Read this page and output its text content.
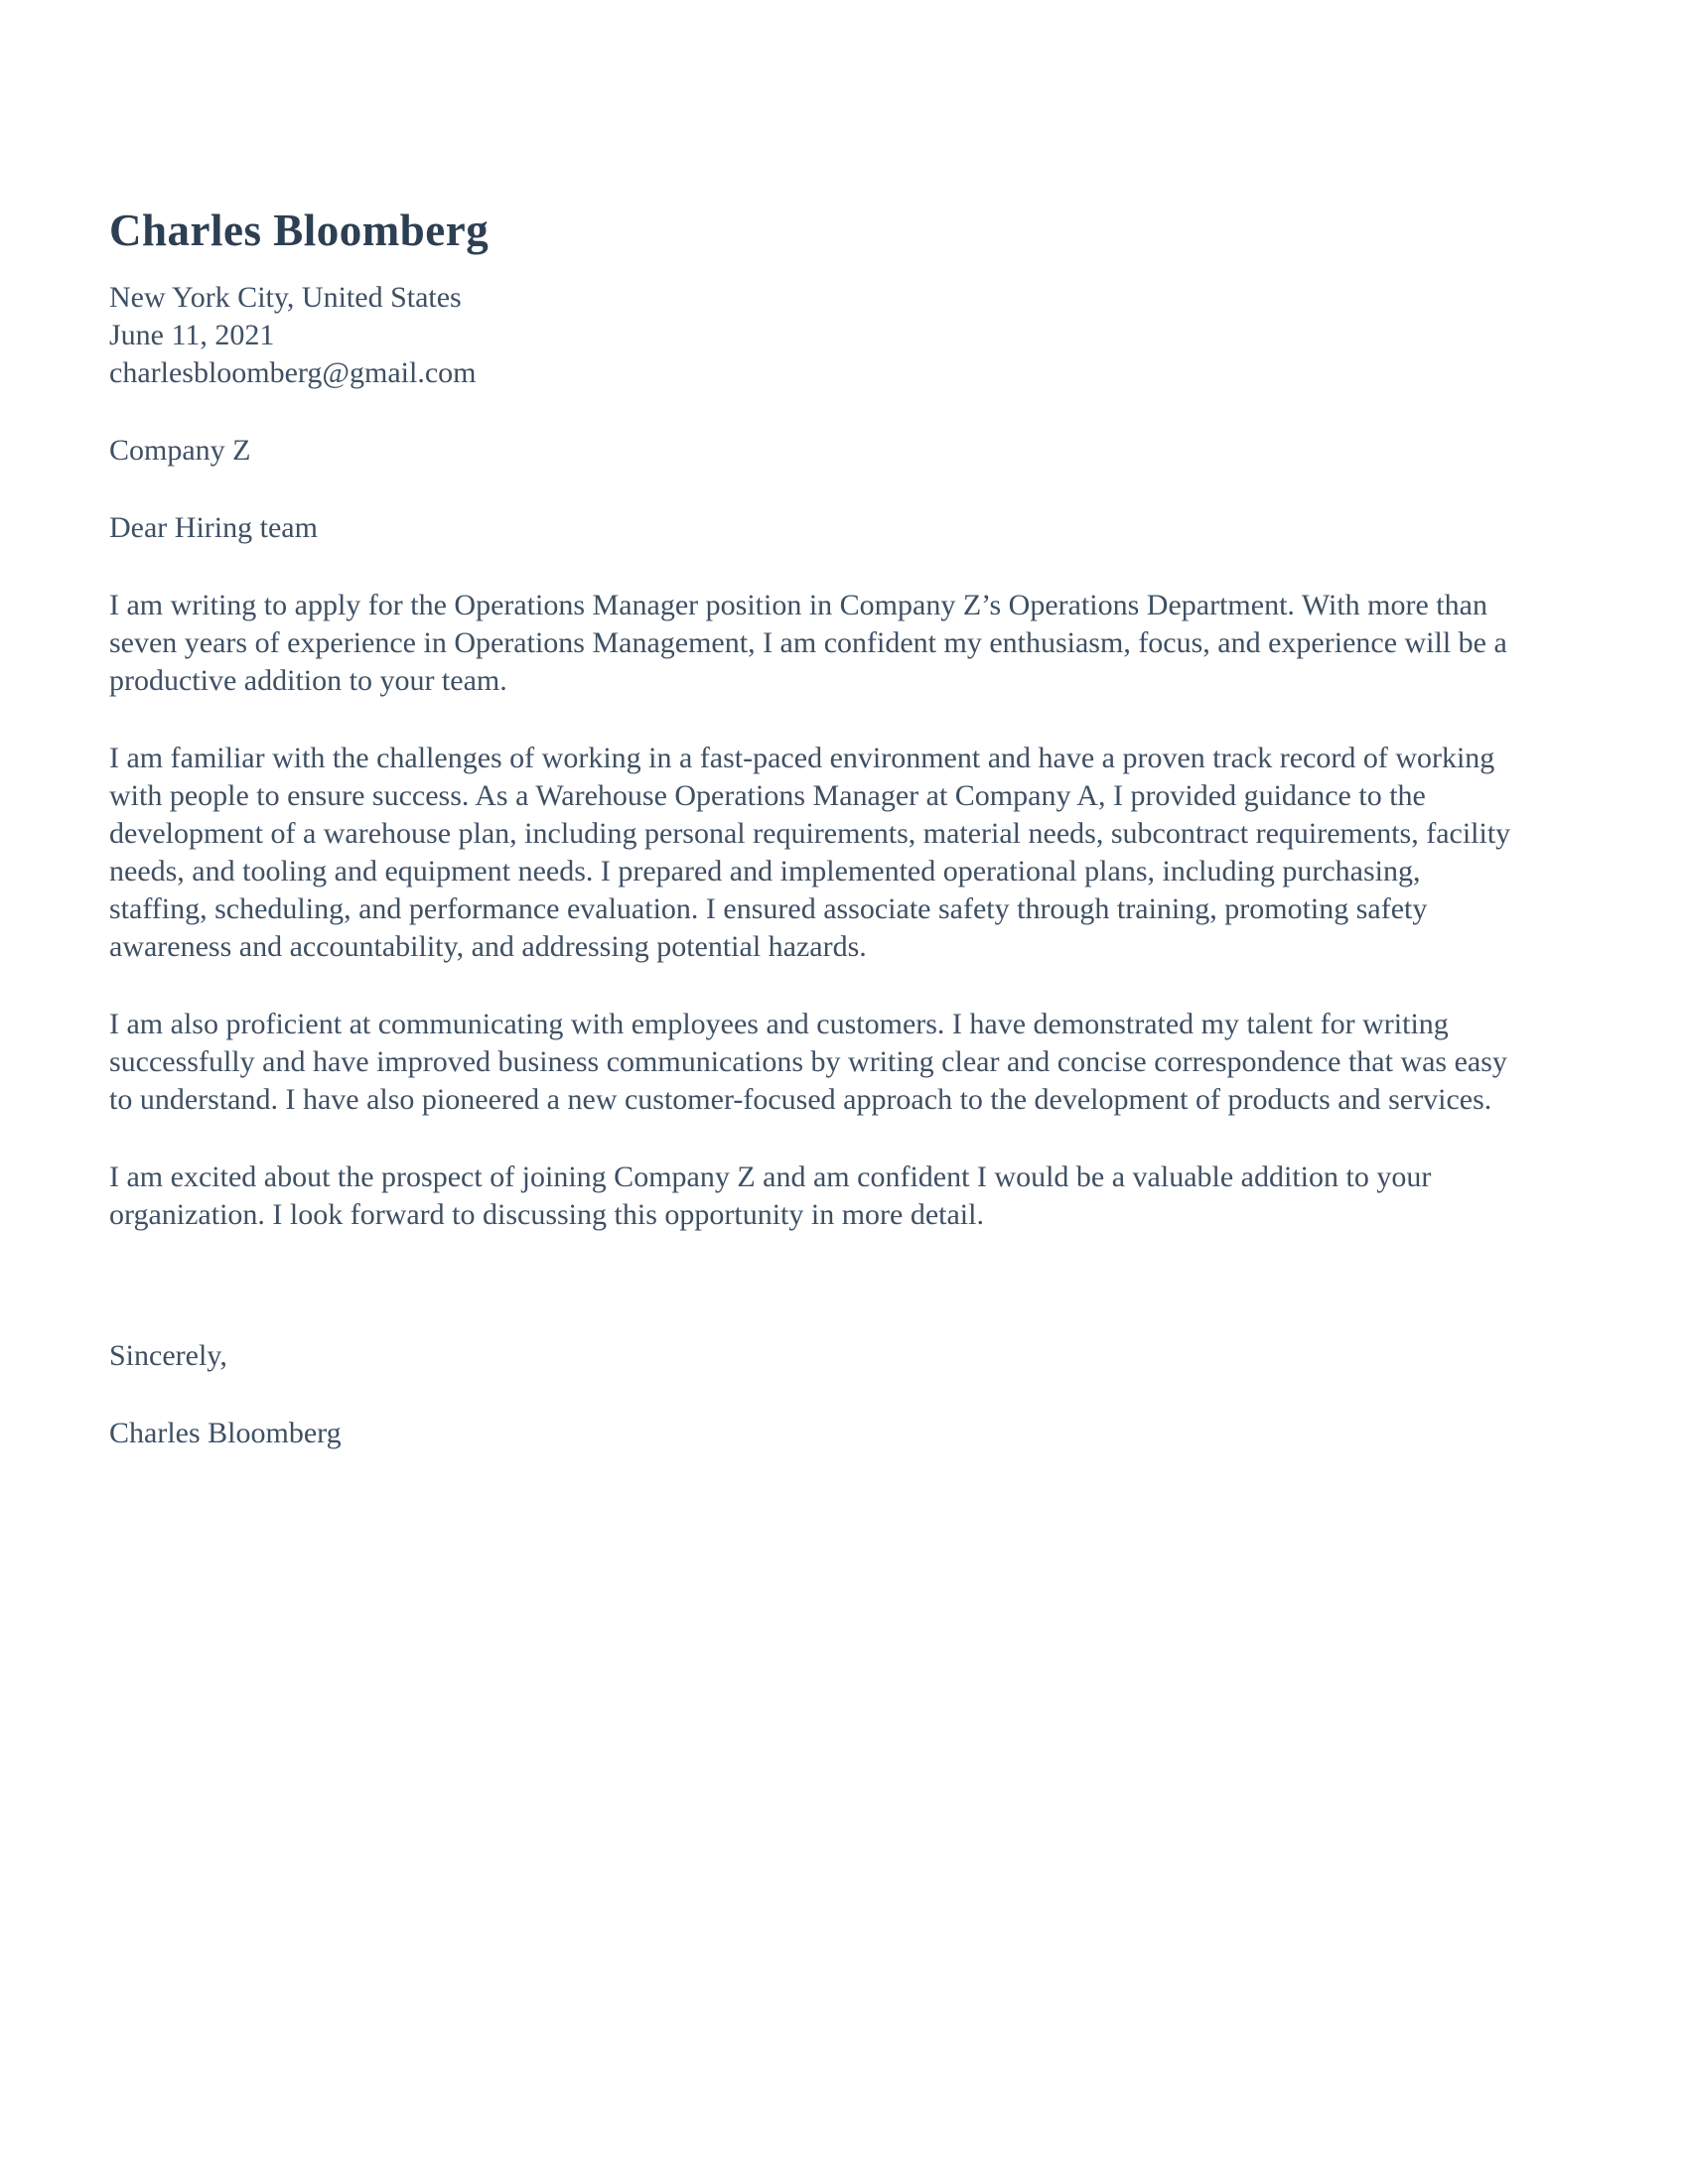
Charles Bloomberg
New York City, United States
June 11, 2021
charlesbloomberg@gmail.com
Company Z
Dear Hiring team

I am writing to apply for the Operations Manager position in Company Z’s Operations Department. With more than seven years of experience in Operations Management, I am confident my enthusiasm, focus, and experience will be a productive addition to your team.

I am familiar with the challenges of working in a fast-paced environment and have a proven track record of working with people to ensure success. As a Warehouse Operations Manager at Company A, I provided guidance to the development of a warehouse plan, including personal requirements, material needs, subcontract requirements, facility needs, and tooling and equipment needs. I prepared and implemented operational plans, including purchasing, staffing, scheduling, and performance evaluation. I ensured associate safety through training, promoting safety awareness and accountability, and addressing potential hazards.

I am also proficient at communicating with employees and customers. I have demonstrated my talent for writing successfully and have improved business communications by writing clear and concise correspondence that was easy to understand. I have also pioneered a new customer-focused approach to the development of products and services.

I am excited about the prospect of joining Company Z and am confident I would be a valuable addition to your organization. I look forward to discussing this opportunity in more detail.

Sincerely,
Charles Bloomberg
